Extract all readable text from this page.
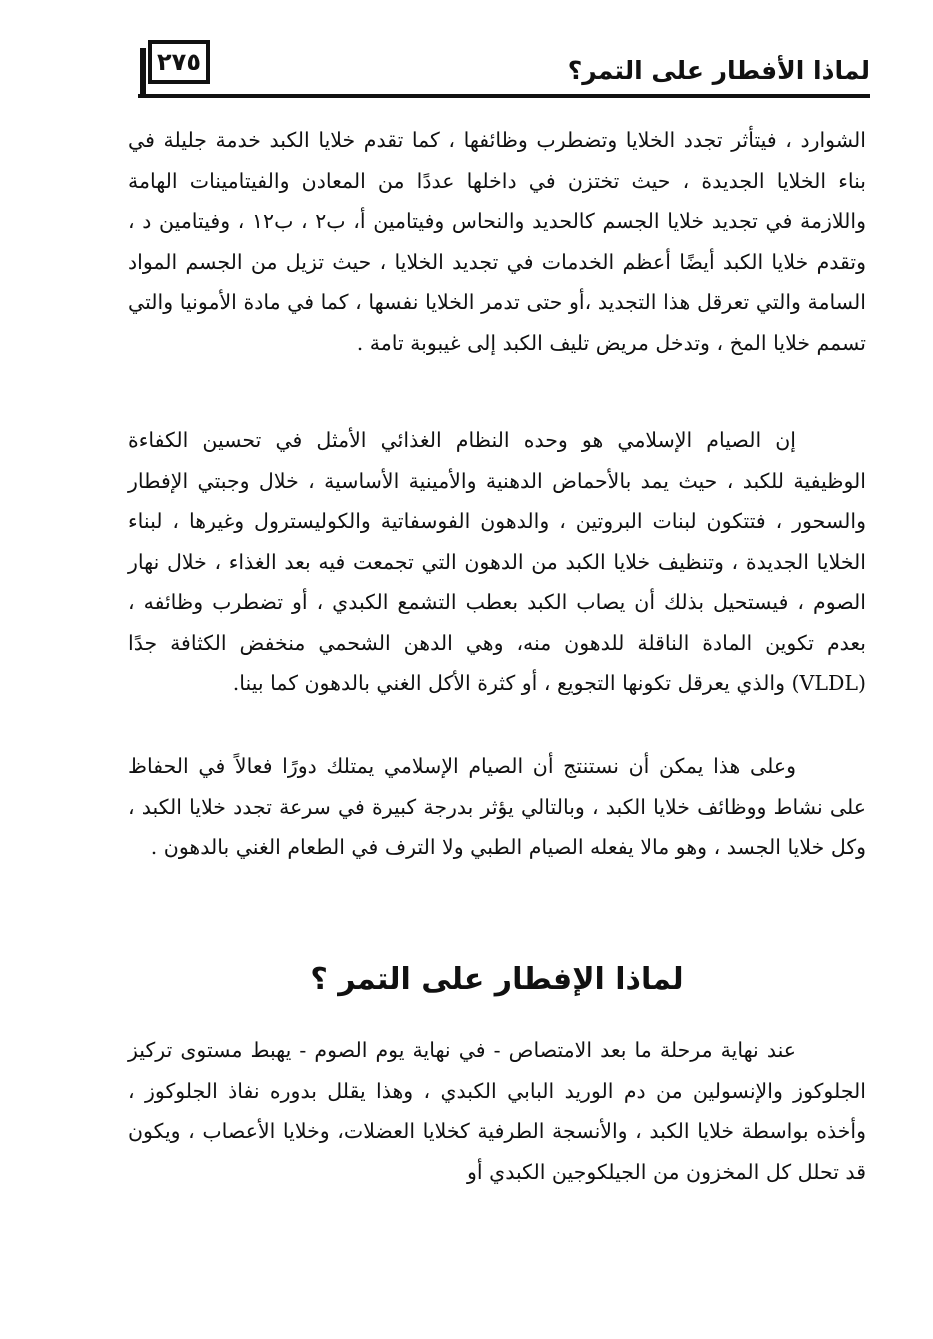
لماذا الأفطار على التمر؟
٢٧٥

الشوارد ، فيتأثر تجدد الخلايا وتضطرب وظائفها ، كما تقدم خلايا الكبد خدمة جليلة في بناء الخلايا الجديدة ، حيث تختزن في داخلها عددًا من المعادن والفيتامينات الهامة واللازمة في تجديد خلايا الجسم كالحديد والنحاس وفيتامين أ، ب٢ ، ب١٢ ، وفيتامين د ، وتقدم خلايا الكبد أيضًا أعظم الخدمات في تجديد الخلايا ، حيث تزيل من الجسم المواد السامة والتي تعرقل هذا التجديد ،أو حتى تدمر الخلايا نفسها ، كما في مادة الأمونيا والتي تسمم خلايا المخ ، وتدخل مريض تليف الكبد إلى غيبوبة تامة .

إن الصيام الإسلامي هو وحده النظام الغذائي الأمثل في تحسين الكفاءة الوظيفية للكبد ، حيث يمد بالأحماض الدهنية والأمينية الأساسية ، خلال وجبتي الإفطار والسحور ، فتتكون لبنات البروتين ، والدهون الفوسفاتية والكوليسترول وغيرها ، لبناء الخلايا الجديدة ، وتنظيف خلايا الكبد من الدهون التي تجمعت فيه بعد الغذاء ، خلال نهار الصوم ، فيستحيل بذلك أن يصاب الكبد بعطب التشمع الكبدي ، أو تضطرب وظائفه ، بعدم تكوين المادة الناقلة للدهون منه، وهي الدهن الشحمي منخفض الكثافة جدًا (VLDL) والذي يعرقل تكونها التجويع ، أو كثرة الأكل الغني بالدهون كما بينا.

وعلى هذا يمكن أن نستنتج أن الصيام الإسلامي يمتلك دورًا فعالاً في الحفاظ على نشاط ووظائف خلايا الكبد ، وبالتالي يؤثر بدرجة كبيرة في سرعة تجدد خلايا الكبد ، وكل خلايا الجسد ، وهو مالا يفعله الصيام الطبي ولا الترف في الطعام الغني بالدهون .

لماذا الإفطار على التمر ؟

عند نهاية مرحلة ما بعد الامتصاص - في نهاية يوم الصوم - يهبط مستوى تركيز الجلوكوز والإنسولين من دم الوريد البابي الكبدي ، وهذا يقلل بدوره نفاذ الجلوكوز ، وأخذه بواسطة خلايا الكبد ، والأنسجة الطرفية كخلايا العضلات، وخلايا الأعصاب ، ويكون قد تحلل كل المخزون من الجيلكوجين الكبدي أو
